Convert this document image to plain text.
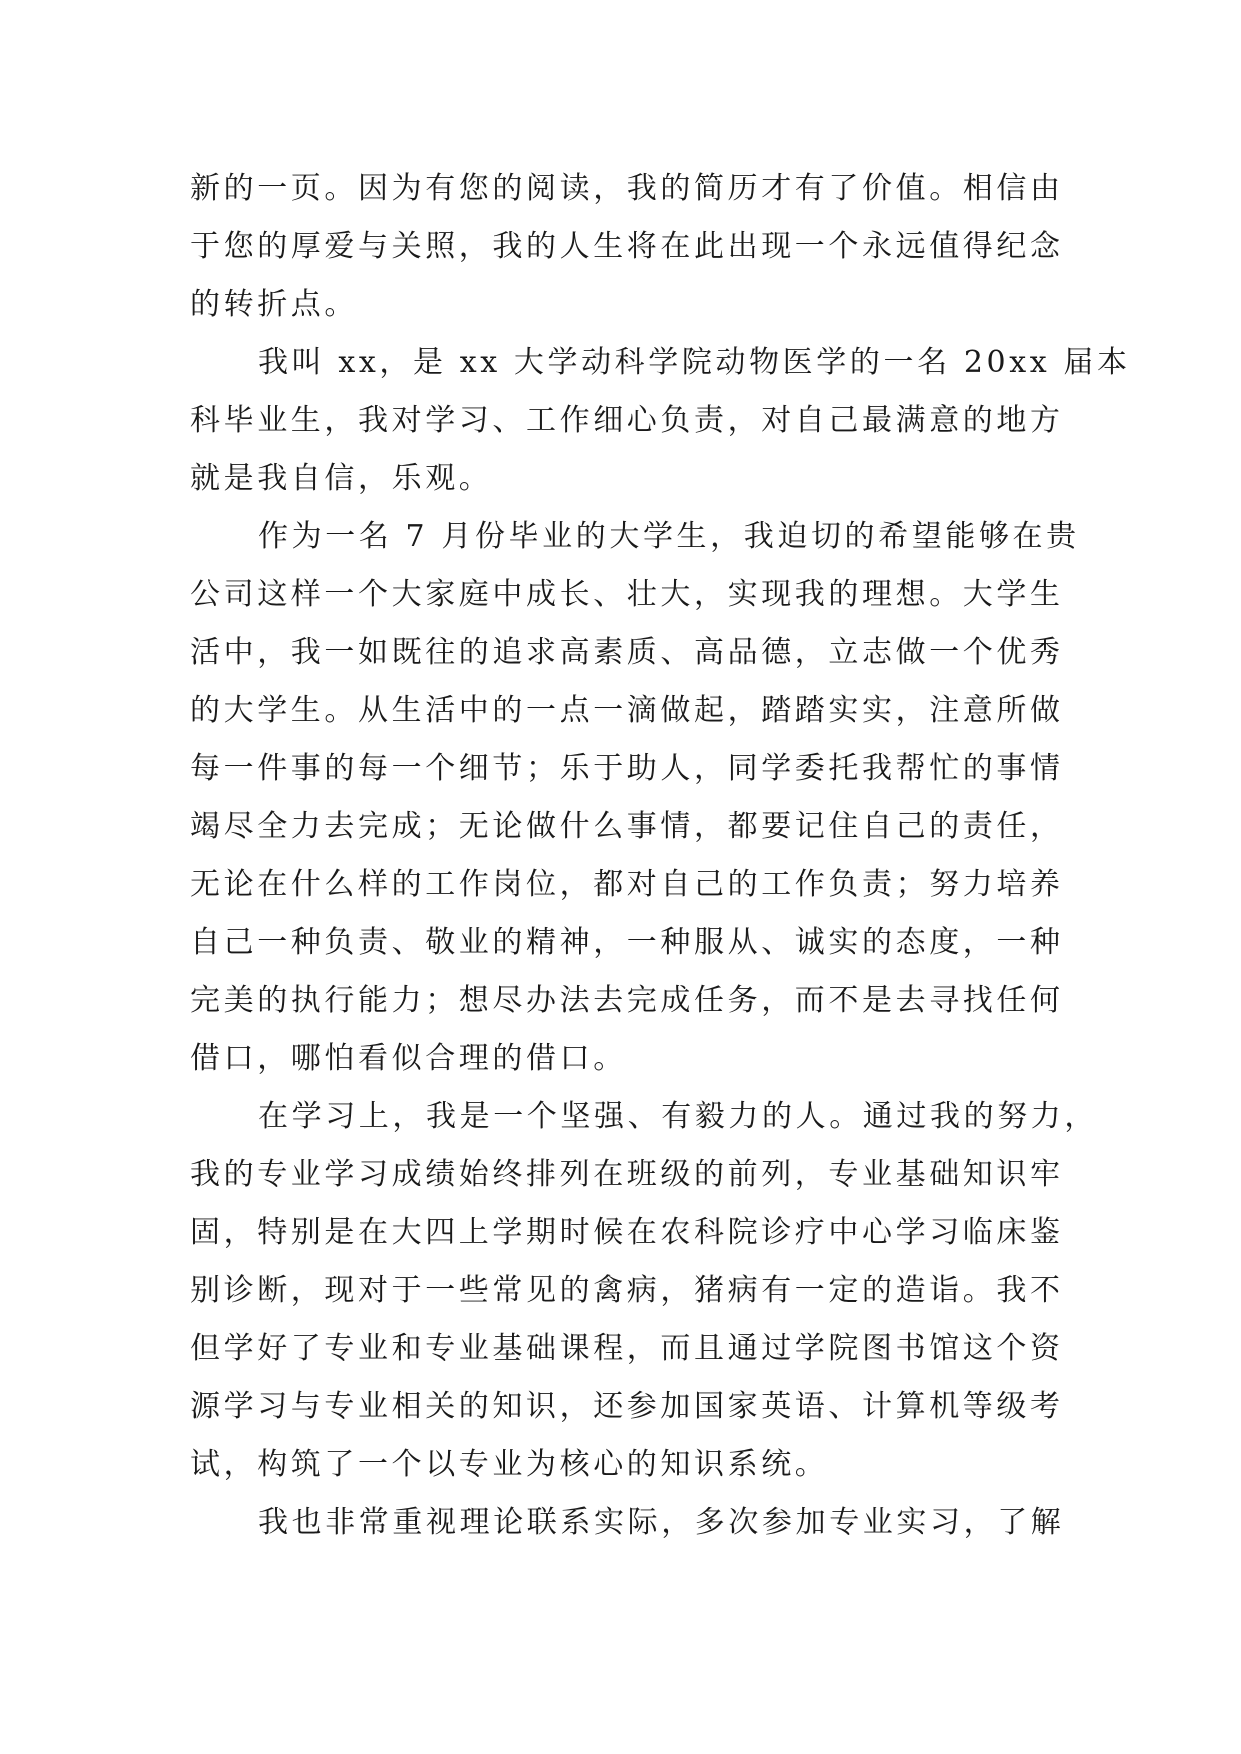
新的一页。因为有您的阅读，我的简历才有了价值。相信由
于您的厚爱与关照，我的人生将在此出现一个永远值得纪念
的转折点。
我叫 xx，是 xx 大学动科学院动物医学的一名 20xx 届本
科毕业生，我对学习、工作细心负责，对自己最满意的地方
就是我自信，乐观。
作为一名 7 月份毕业的大学生，我迫切的希望能够在贵
公司这样一个大家庭中成长、壮大，实现我的理想。大学生
活中，我一如既往的追求高素质、高品德，立志做一个优秀
的大学生。从生活中的一点一滴做起，踏踏实实，注意所做
每一件事的每一个细节；乐于助人，同学委托我帮忙的事情
竭尽全力去完成；无论做什么事情，都要记住自己的责任，
无论在什么样的工作岗位，都对自己的工作负责；努力培养
自己一种负责、敬业的精神，一种服从、诚实的态度，一种
完美的执行能力；想尽办法去完成任务，而不是去寻找任何
借口，哪怕看似合理的借口。
在学习上，我是一个坚强、有毅力的人。通过我的努力，
我的专业学习成绩始终排列在班级的前列，专业基础知识牢
固，特别是在大四上学期时候在农科院诊疗中心学习临床鉴
别诊断，现对于一些常见的禽病，猪病有一定的造诣。我不
但学好了专业和专业基础课程，而且通过学院图书馆这个资
源学习与专业相关的知识，还参加国家英语、计算机等级考
试，构筑了一个以专业为核心的知识系统。
我也非常重视理论联系实际，多次参加专业实习，了解
